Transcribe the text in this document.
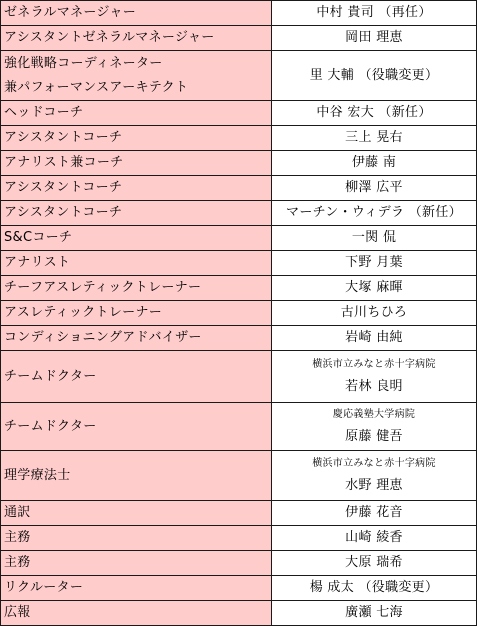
ゼネラルマネージャー	中村 貴司 （再任）

アシスタントゼネラルマネージャー	岡田 理恵

強化戦略コーディネーター
兼パフォーマンスアーキテクト	里 大輔 （役職変更）

ヘッドコーチ	中谷 宏大 （新任）

アシスタントコーチ	三上 晃右

アナリスト兼コーチ	伊藤 南

アシスタントコーチ	柳澤 広平

アシスタントコーチ	マーチン・ウィデラ （新任）

S&Cコーチ	一関 侃

アナリスト	下野 月葉

チーフアスレティックトレーナー	大塚 麻暉

アスレティックトレーナー	古川ちひろ

コンディショニングアドバイザー	岩崎 由純

チームドクター	横浜市立みなと赤十字病院
若林 良明

チームドクター	慶応義塾大学病院
原藤 健吾

理学療法士	横浜市立みなと赤十字病院
水野 理恵

通訳	伊藤 花音

主務	山崎 綾香

主務	大原 瑞希

リクルーター	楊 成太 （役職変更）

広報	廣瀬 七海
